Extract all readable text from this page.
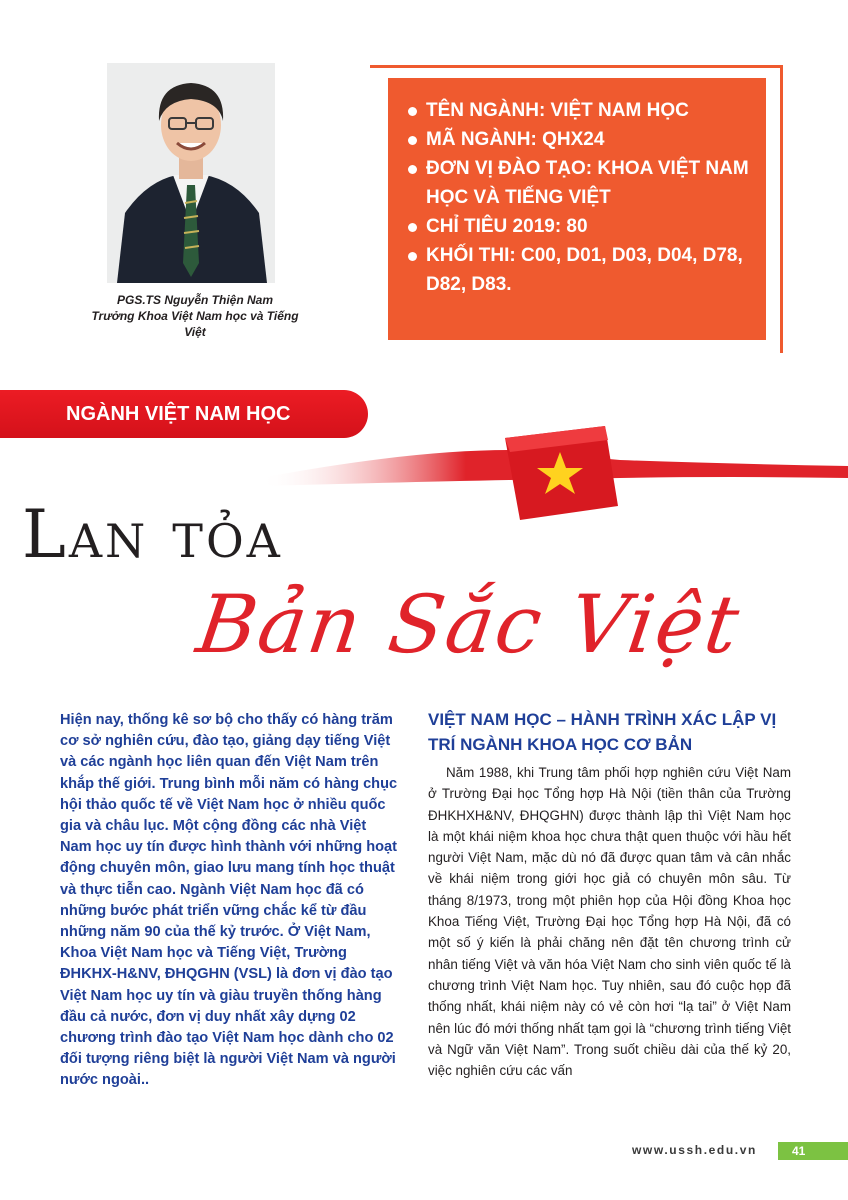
PGS.TS Nguyễn Thiện Nam
Trưởng Khoa Việt Nam học và Tiếng Việt
TÊN NGÀNH: VIỆT NAM HỌC
MÃ NGÀNH: QHX24
ĐƠN VỊ ĐÀO TẠO: KHOA VIỆT NAM HỌC VÀ TIẾNG VIỆT
CHỈ TIÊU 2019: 80
KHỐI THI: C00, D01, D03, D04, D78, D82, D83.
NGÀNH VIỆT NAM HỌC
Lan tỏa
Bản Sắc Việt
Hiện nay, thống kê sơ bộ cho thấy có hàng trăm cơ sở nghiên cứu, đào tạo, giảng dạy tiếng Việt và các ngành học liên quan đến Việt Nam trên khắp thế giới. Trung bình mỗi năm có hàng chục hội thảo quốc tế về Việt Nam học ở nhiều quốc gia và châu lục. Một cộng đồng các nhà Việt Nam học uy tín được hình thành với những hoạt động chuyên môn, giao lưu mang tính học thuật và thực tiễn cao. Ngành Việt Nam học đã có những bước phát triển vững chắc kể từ đầu những năm 90 của thế kỷ trước. Ở Việt Nam, Khoa Việt Nam học và Tiếng Việt, Trường ĐHKHX-H&NV, ĐHQGHN (VSL) là đơn vị đào tạo Việt Nam học uy tín và giàu truyền thống hàng đầu cả nước, đơn vị duy nhất xây dựng 02 chương trình đào tạo Việt Nam học dành cho 02 đối tượng riêng biệt là người Việt Nam và người nước ngoài..
VIỆT NAM HỌC – HÀNH TRÌNH XÁC LẬP VỊ TRÍ NGÀNH KHOA HỌC CƠ BẢN
Năm 1988, khi Trung tâm phối hợp nghiên cứu Việt Nam ở Trường Đại học Tổng hợp Hà Nội (tiền thân của Trường ĐHKHXH&NV, ĐHQGHN) được thành lập thì Việt Nam học là một khái niệm khoa học chưa thật quen thuộc với hầu hết người Việt Nam, mặc dù nó đã được quan tâm và cân nhắc về khái niệm trong giới học giả có chuyên môn sâu. Từ tháng 8/1973, trong một phiên họp của Hội đồng Khoa học Khoa Tiếng Việt, Trường Đại học Tổng hợp Hà Nội, đã có một số ý kiến là phải chăng nên đặt tên chương trình cử nhân tiếng Việt và văn hóa Việt Nam cho sinh viên quốc tế là chương trình Việt Nam học. Tuy nhiên, sau đó cuộc họp đã thống nhất, khái niệm này có vẻ còn hơi “lạ tai” ở Việt Nam nên lúc đó mới thống nhất tạm gọi là “chương trình tiếng Việt và Ngữ văn Việt Nam”. Trong suốt chiều dài của thế kỷ 20, việc nghiên cứu các vấn
www.ussh.edu.vn	41
